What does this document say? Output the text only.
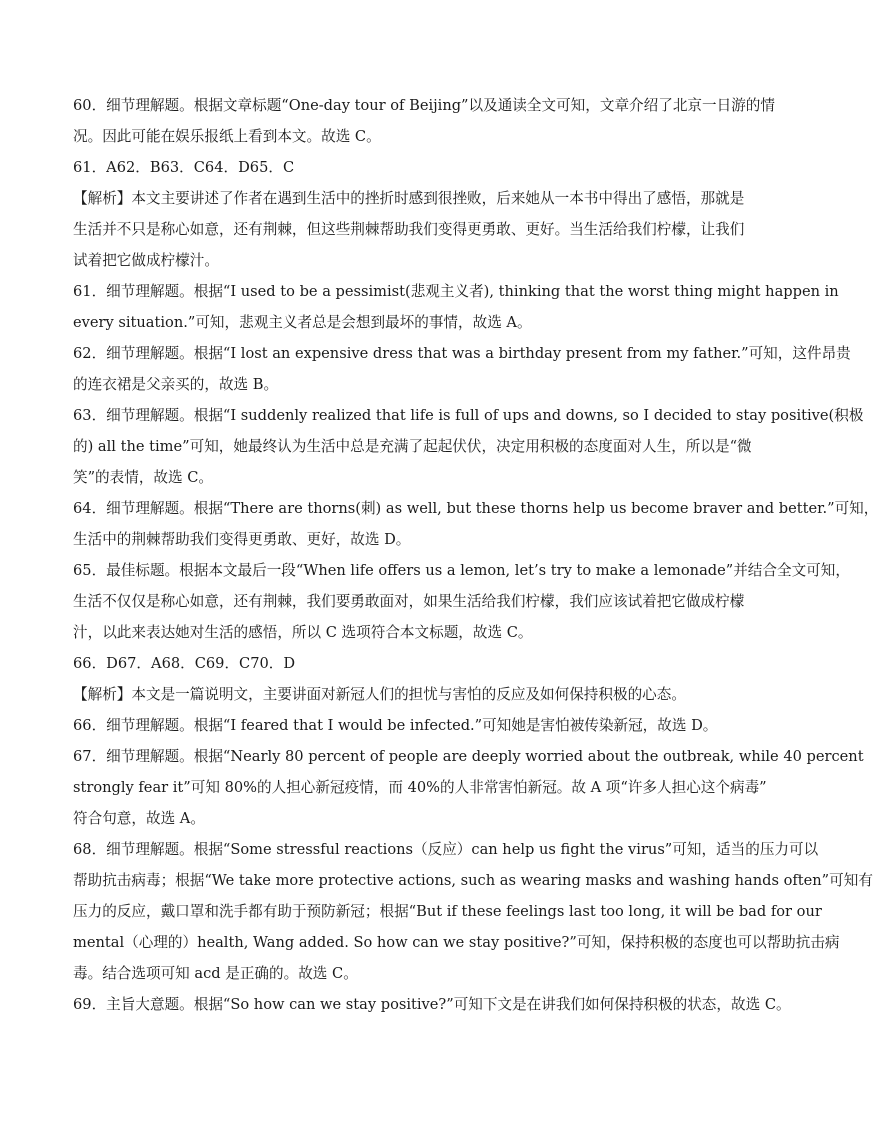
60．细节理解题。根据文章标题“One-day tour of Beijing”以及通读全文可知，文章介绍了北京一日游的情
况。因此可能在娱乐报纸上看到本文。故选 C。
61．A62．B63．C64．D65．C
【解析】本文主要讲述了作者在遇到生活中的挫折时感到很挫败，后来她从一本书中得出了感悟，那就是
生活并不只是称心如意，还有荆棘，但这些荆棘帮助我们变得更勇敢、更好。当生活给我们柠檬，让我们
试着把它做成柠檬汁。
61．细节理解题。根据“I used to be a pessimist(悲观主义者), thinking that the worst thing might happen in
every situation.”可知，悲观主义者总是会想到最坏的事情，故选 A。
62．细节理解题。根据“I lost an expensive dress that was a birthday present from my father.”可知，这件昂贵
的连衣裙是父亲买的，故选 B。
63．细节理解题。根据“I suddenly realized that life is full of ups and downs, so I decided to stay positive(积极
的) all the time”可知，她最终认为生活中总是充满了起起伏伏，决定用积极的态度面对人生，所以是“微
笑”的表情，故选 C。
64．细节理解题。根据“There are thorns(刺) as well, but these thorns help us become braver and better.”可知，
生活中的荆棘帮助我们变得更勇敢、更好，故选 D。
65．最佳标题。根据本文最后一段“When life offers us a lemon, let’s try to make a lemonade”并结合全文可知，
生活不仅仅是称心如意，还有荆棘，我们要勇敢面对，如果生活给我们柠檬，我们应该试着把它做成柠檬
汁，以此来表达她对生活的感悟，所以 C 选项符合本文标题，故选 C。
66．D67．A68．C69．C70．D
【解析】本文是一篇说明文，主要讲面对新冠人们的担忧与害怕的反应及如何保持积极的心态。
66．细节理解题。根据“I feared that I would be infected.”可知她是害怕被传染新冠，故选 D。
67．细节理解题。根据“Nearly 80 percent of people are deeply worried about the outbreak, while 40 percent
strongly fear it”可知 80%的人担心新冠疫情，而 40%的人非常害怕新冠。故 A 项“许多人担心这个病毒”
符合句意，故选 A。
68．细节理解题。根据“Some stressful reactions（反应）can help us fight the virus”可知，适当的压力可以
帮助抗击病毒；根据“We take more protective actions, such as wearing masks and washing hands often”可知有
压力的反应，戴口罩和洗手都有助于预防新冠；根据“But if these feelings last too long, it will be bad for our
mental（心理的）health, Wang added. So how can we stay positive?”可知，保持积极的态度也可以帮助抗击病
毒。结合选项可知 acd 是正确的。故选 C。
69．主旨大意题。根据“So how can we stay positive?”可知下文是在讲我们如何保持积极的状态，故选 C。
